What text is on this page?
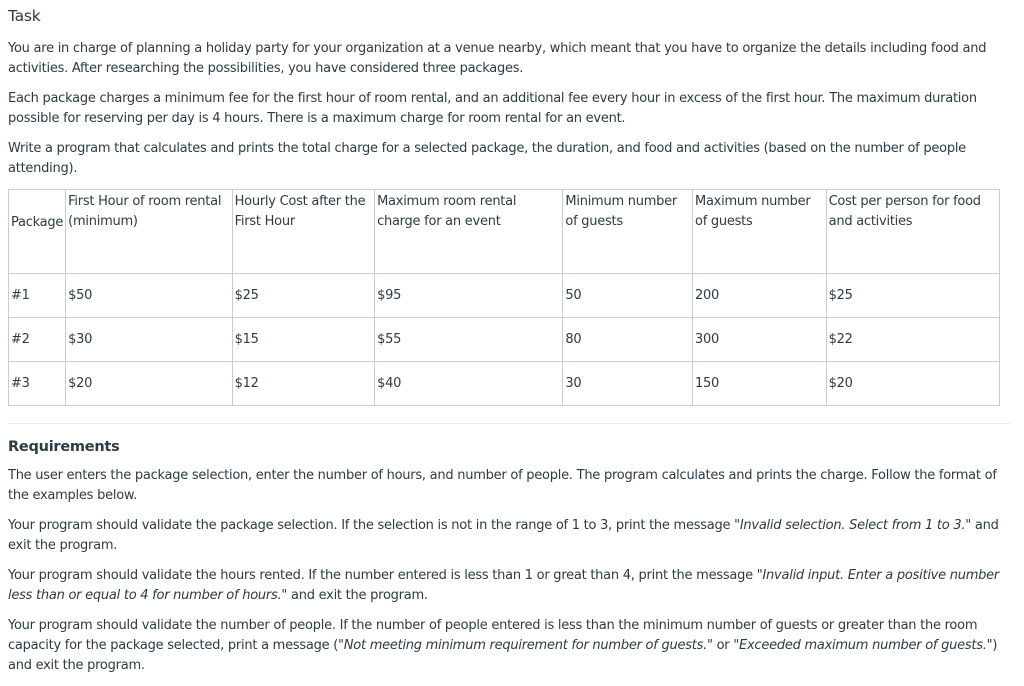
Task

You are in charge of planning a holiday party for your organization at a venue nearby, which meant that you have to organize the details including food and activities. After researching the possibilities, you have considered three packages.

Each package charges a minimum fee for the first hour of room rental, and an additional fee every hour in excess of the first hour. The maximum duration possible for reserving per day is 4 hours. There is a maximum charge for room rental for an event.

Write a program that calculates and prints the total charge for a selected package, the duration, and food and activities (based on the number of people attending).

Package	First Hour of room rental (minimum)	Hourly Cost after the First Hour	Maximum room rental charge for an event	Minimum number of guests	Maximum number of guests	Cost per person for food and activities
#1	$50	$25	$95	50	200	$25
#2	$30	$15	$55	80	300	$22
#3	$20	$12	$40	30	150	$20
Requirements

The user enters the package selection, enter the number of hours, and number of people. The program calculates and prints the charge. Follow the format of the examples below.

Your program should validate the package selection. If the selection is not in the range of 1 to 3, print the message "Invalid selection. Select from 1 to 3." and exit the program.

Your program should validate the hours rented. If the number entered is less than 1 or great than 4, print the message "Invalid input. Enter a positive number less than or equal to 4 for number of hours." and exit the program.

Your program should validate the number of people. If the number of people entered is less than the minimum number of guests or greater than the room capacity for the package selected, print a message ("Not meeting minimum requirement for number of guests." or "Exceeded maximum number of guests.") and exit the program.
